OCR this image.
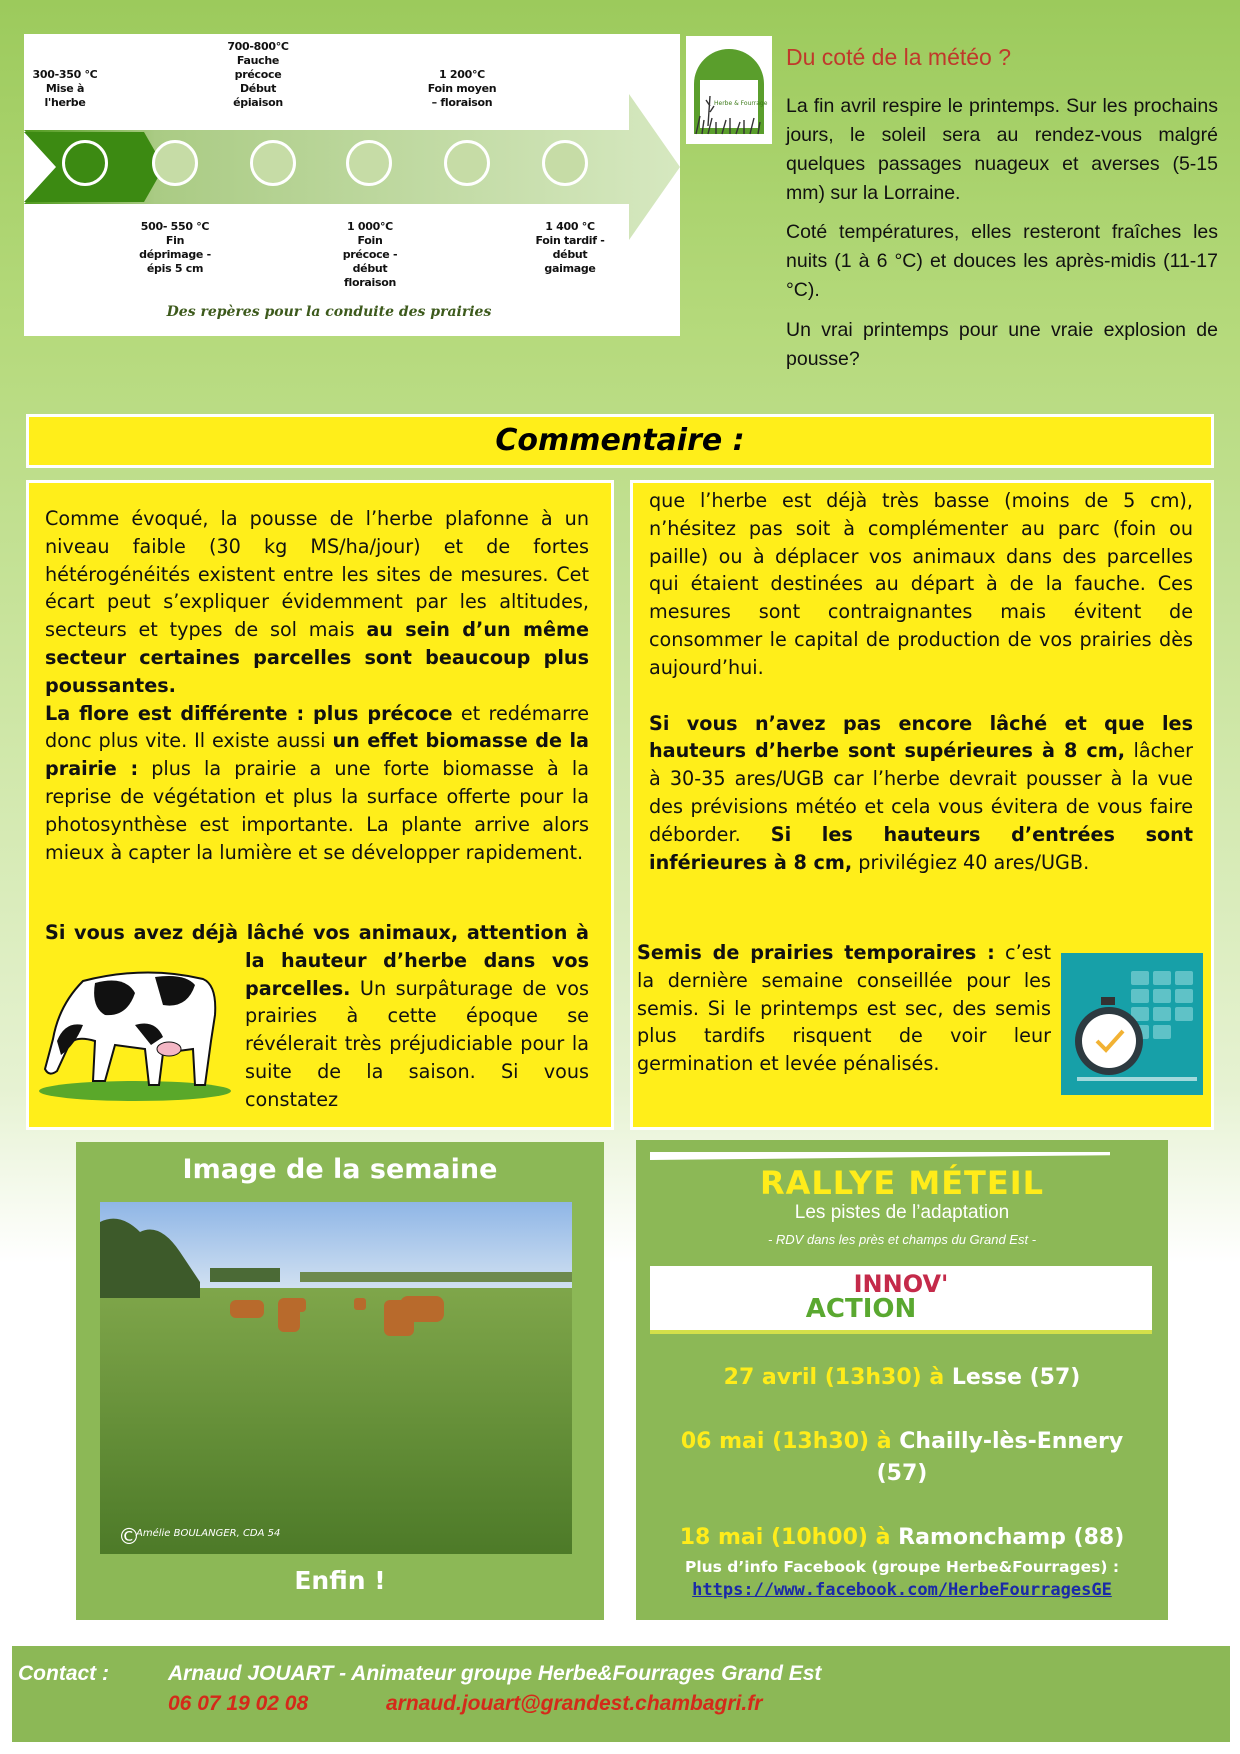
300-350 °C
Mise à
l'herbe
700-800°C
Fauche
précoce
Début
épiaison
1 200°C
Foin moyen
– floraison
500- 550 °C
Fin
déprimage -
épis 5 cm
1 000°C
Foin
précoce -
début
floraison
1 400 °C
Foin tardif -
début
gaimage
Des repères pour la conduite des prairies
Herbe & Fourrage
Du coté de la météo ?

La fin avril respire le printemps. Sur les prochains jours, le soleil sera au rendez-vous malgré quelques passages nuageux et averses (5-15 mm) sur la Lorraine.

Coté températures, elles resteront fraîches les nuits (1 à 6 °C) et douces les après-midis (11-17 °C).

Un vrai printemps pour une vraie explosion de pousse?

Commentaire :

Comme évoqué, la pousse de l’herbe plafonne à un niveau faible (30 kg MS/ha/jour) et de fortes hétérogénéités existent entre les sites de mesures. Cet écart peut s’expliquer évidemment par les altitudes, secteurs et types de sol mais au sein d’un même secteur certaines parcelles sont beaucoup plus poussantes.

La flore est différente : plus précoce et redémarre donc plus vite. Il existe aussi un effet biomasse de la prairie : plus la prairie a une forte biomasse à la reprise de végétation et plus la surface offerte pour la photosynthèse est importante. La plante arrive alors mieux à capter la lumière et se développer rapidement.

Si vous avez déjà lâché vos animaux, attention à la hauteur d’herbe dans vos parcelles. Un surpâturage de vos prairies à cette époque se révélerait très préjudiciable pour la suite de la saison. Si vous constatez

que l’herbe est déjà très basse (moins de 5 cm), n’hésitez pas soit à complémenter au parc (foin ou paille) ou à déplacer vos animaux dans des parcelles qui étaient destinées au départ à de la fauche. Ces mesures sont contraignantes mais évitent de consommer le capital de production de vos prairies dès aujourd’hui.

Si vous n’avez pas encore lâché et que les hauteurs d’herbe sont supérieures à 8 cm, lâcher à 30-35 ares/UGB car l’herbe devrait pousser à la vue des prévisions météo et cela vous évitera de vous faire déborder. Si les hauteurs d’entrées sont inférieures à 8 cm, privilégiez 40 ares/UGB.

Semis de prairies temporaires : c’est la dernière semaine conseillée pour les semis. Si le printemps est sec, des semis plus tardifs risquent de voir leur germination et levée pénalisés.

Image de la semaine
©
Amélie BOULANGER, CDA 54
Enfin !
RALLYE MÉTEIL
Les pistes de l’adaptation
- RDV dans les près et champs du Grand Est -
INNOV'
ACTION
27 avril (13h30) à Lesse (57)
06 mai (13h30) à Chailly-lès-Ennery (57)
18 mai (10h00) à Ramonchamp (88)
Plus d’info Facebook (groupe Herbe&Fourrages) :
https://www.facebook.com/HerbeFourragesGE
Contact :	Arnaud JOUART - Animateur groupe Herbe&Fourrages Grand Est
06 07 19 02 08	arnaud.jouart@grandest.chambagri.fr
